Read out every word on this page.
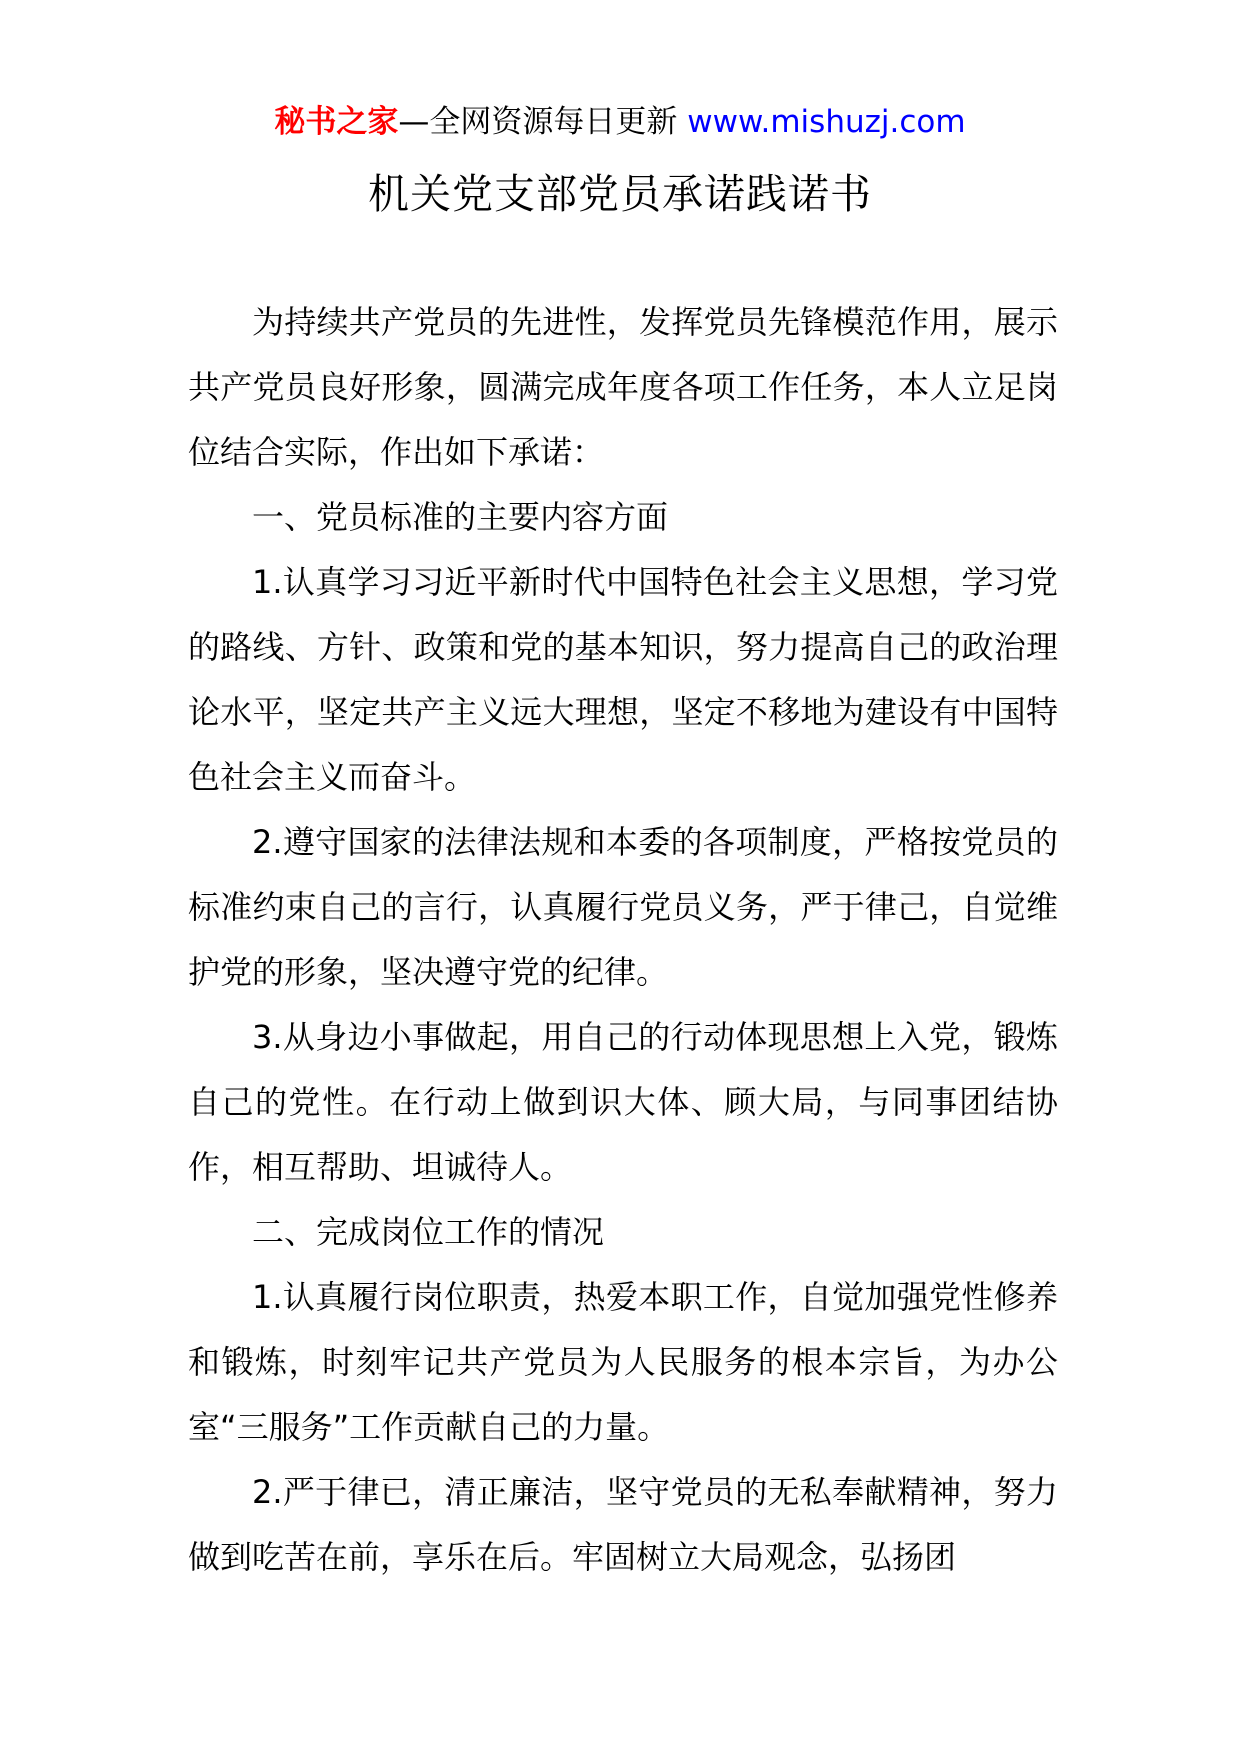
秘书之家—全网资源每日更新 www.mishuzj.com
机关党支部党员承诺践诺书

为持续共产党员的先进性，发挥党员先锋模范作用，展示共产党员良好形象，圆满完成年度各项工作任务，本人立足岗位结合实际，作出如下承诺：

一、党员标准的主要内容方面

1.认真学习习近平新时代中国特色社会主义思想，学习党的路线、方针、政策和党的基本知识，努力提高自己的政治理论水平，坚定共产主义远大理想，坚定不移地为建设有中国特色社会主义而奋斗。

2.遵守国家的法律法规和本委的各项制度，严格按党员的标准约束自己的言行，认真履行党员义务，严于律己，自觉维护党的形象，坚决遵守党的纪律。

3.从身边小事做起，用自己的行动体现思想上入党，锻炼自己的党性。在行动上做到识大体、顾大局，与同事团结协作，相互帮助、坦诚待人。

二、完成岗位工作的情况

1.认真履行岗位职责，热爱本职工作，自觉加强党性修养和锻炼，时刻牢记共产党员为人民服务的根本宗旨，为办公室“三服务”工作贡献自己的力量。

2.严于律已，清正廉洁，坚守党员的无私奉献精神，努力做到吃苦在前，享乐在后。牢固树立大局观念，弘扬团
